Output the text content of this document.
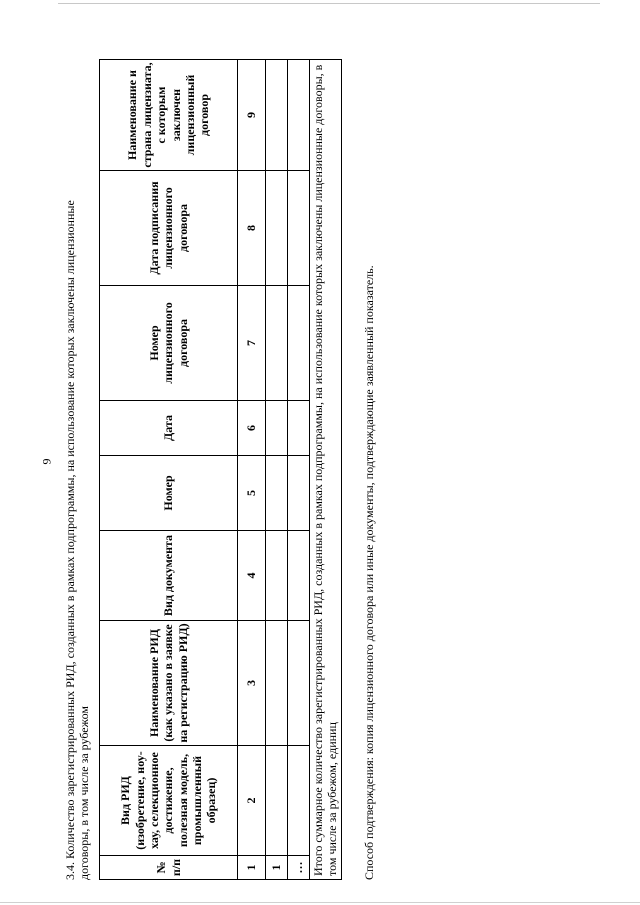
9 3.4. Количество зарегистрированных РИД, созданных в рамках подпрограммы, на использование которых заключены лицензионные договоры, в том числе за рубежом	№ п/п	Вид РИД (изобретение, ноу-хау, селекционное достижение, полезная модель, промышленный образец)	Наименование РИД (как указано в заявке на регистрацию РИД)	Вид документа	Номер	Дата	Номер лицензионного договора	Дата подписания лицензионного договора	Наименование и страна лицензиата, с которым заключен лицензионный договор
1	2	3	4	5	6	7	8	9
1								
…								
Итого суммарное количество зарегистрированных РИД, созданных в рамках подпрограммы, на использование которых заключены лицензионные договоры, в том числе за рубежом, единиц								Способ подтверждения: копия лицензионного договора или иные документы, подтверждающие заявленный показатель.
